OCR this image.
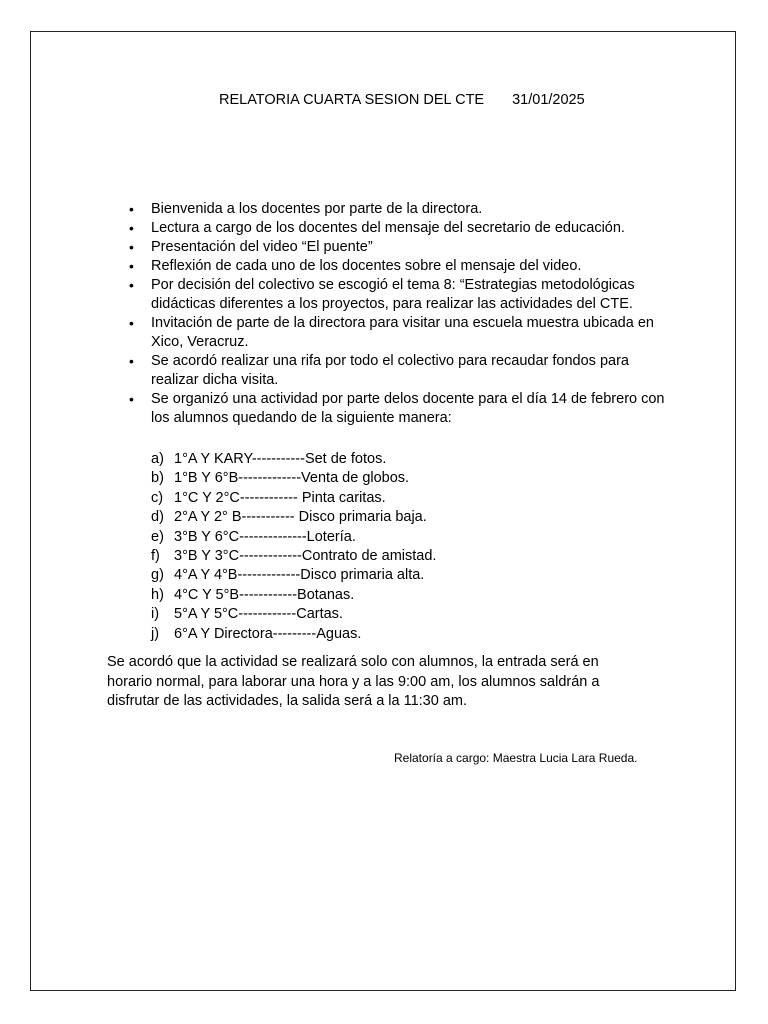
RELATORIA CUARTA SESION DEL CTE 31/01/2025
• Bienvenida a los docentes por parte de la directora.
• Lectura a cargo de los docentes del mensaje del secretario de educación.
• Presentación del video “El puente”
• Reflexión de cada uno de los docentes sobre el mensaje del video.
• Por decisión del colectivo se escogió el tema 8: “Estrategias metodológicas didácticas diferentes a los proyectos, para realizar las actividades del CTE.
• Invitación de parte de la directora para visitar una escuela muestra ubicada en Xico, Veracruz.
• Se acordó realizar una rifa por todo el colectivo para recaudar fondos para realizar dicha visita.
• Se organizó una actividad por parte delos docente para el día 14 de febrero con los alumnos quedando de la siguiente manera:
a) 1°A Y KARY-----------Set de fotos.
b) 1°B Y 6°B-------------Venta de globos.
c) 1°C Y 2°C------------ Pinta caritas.
d) 2°A Y 2° B----------- Disco primaria baja.
e) 3°B Y 6°C--------------Lotería.
f) 3°B Y 3°C-------------Contrato de amistad.
g) 4°A Y 4°B-------------Disco primaria alta.
h) 4°C Y 5°B------------Botanas.
i) 5°A Y 5°C------------Cartas.
j) 6°A Y Directora---------Aguas.

Se acordó que la actividad se realizará solo con alumnos, la entrada será en horario normal, para laborar una hora y a las 9:00 am, los alumnos saldrán a disfrutar de las actividades, la salida será a la 11:30 am.

Relatoría a cargo: Maestra Lucia Lara Rueda.
